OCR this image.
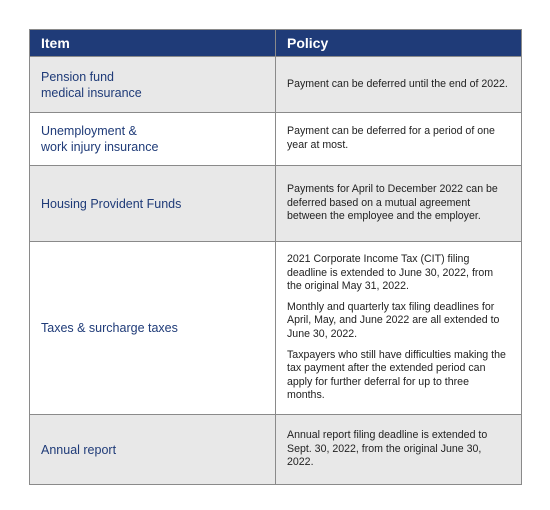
Item	Policy
Pension fund
medical insurance

Payment can be deferred until the end of 2022.

Unemployment &
work injury insurance

Payment can be deferred for a period of one year at most.

Housing Provident Funds

Payments for April to December 2022 can be deferred based on a mutual agreement between the employee and the employer.

Taxes & surcharge taxes

2021 Corporate Income Tax (CIT) filing deadline is extended to June 30, 2022, from the original May 31, 2022.

Monthly and quarterly tax filing deadlines for April, May, and June 2022 are all extended to June 30, 2022.

Taxpayers who still have difficulties making the tax payment after the extended period can apply for further deferral for up to three months.

Annual report

Annual report filing deadline is extended to Sept. 30, 2022, from the original June 30, 2022.
